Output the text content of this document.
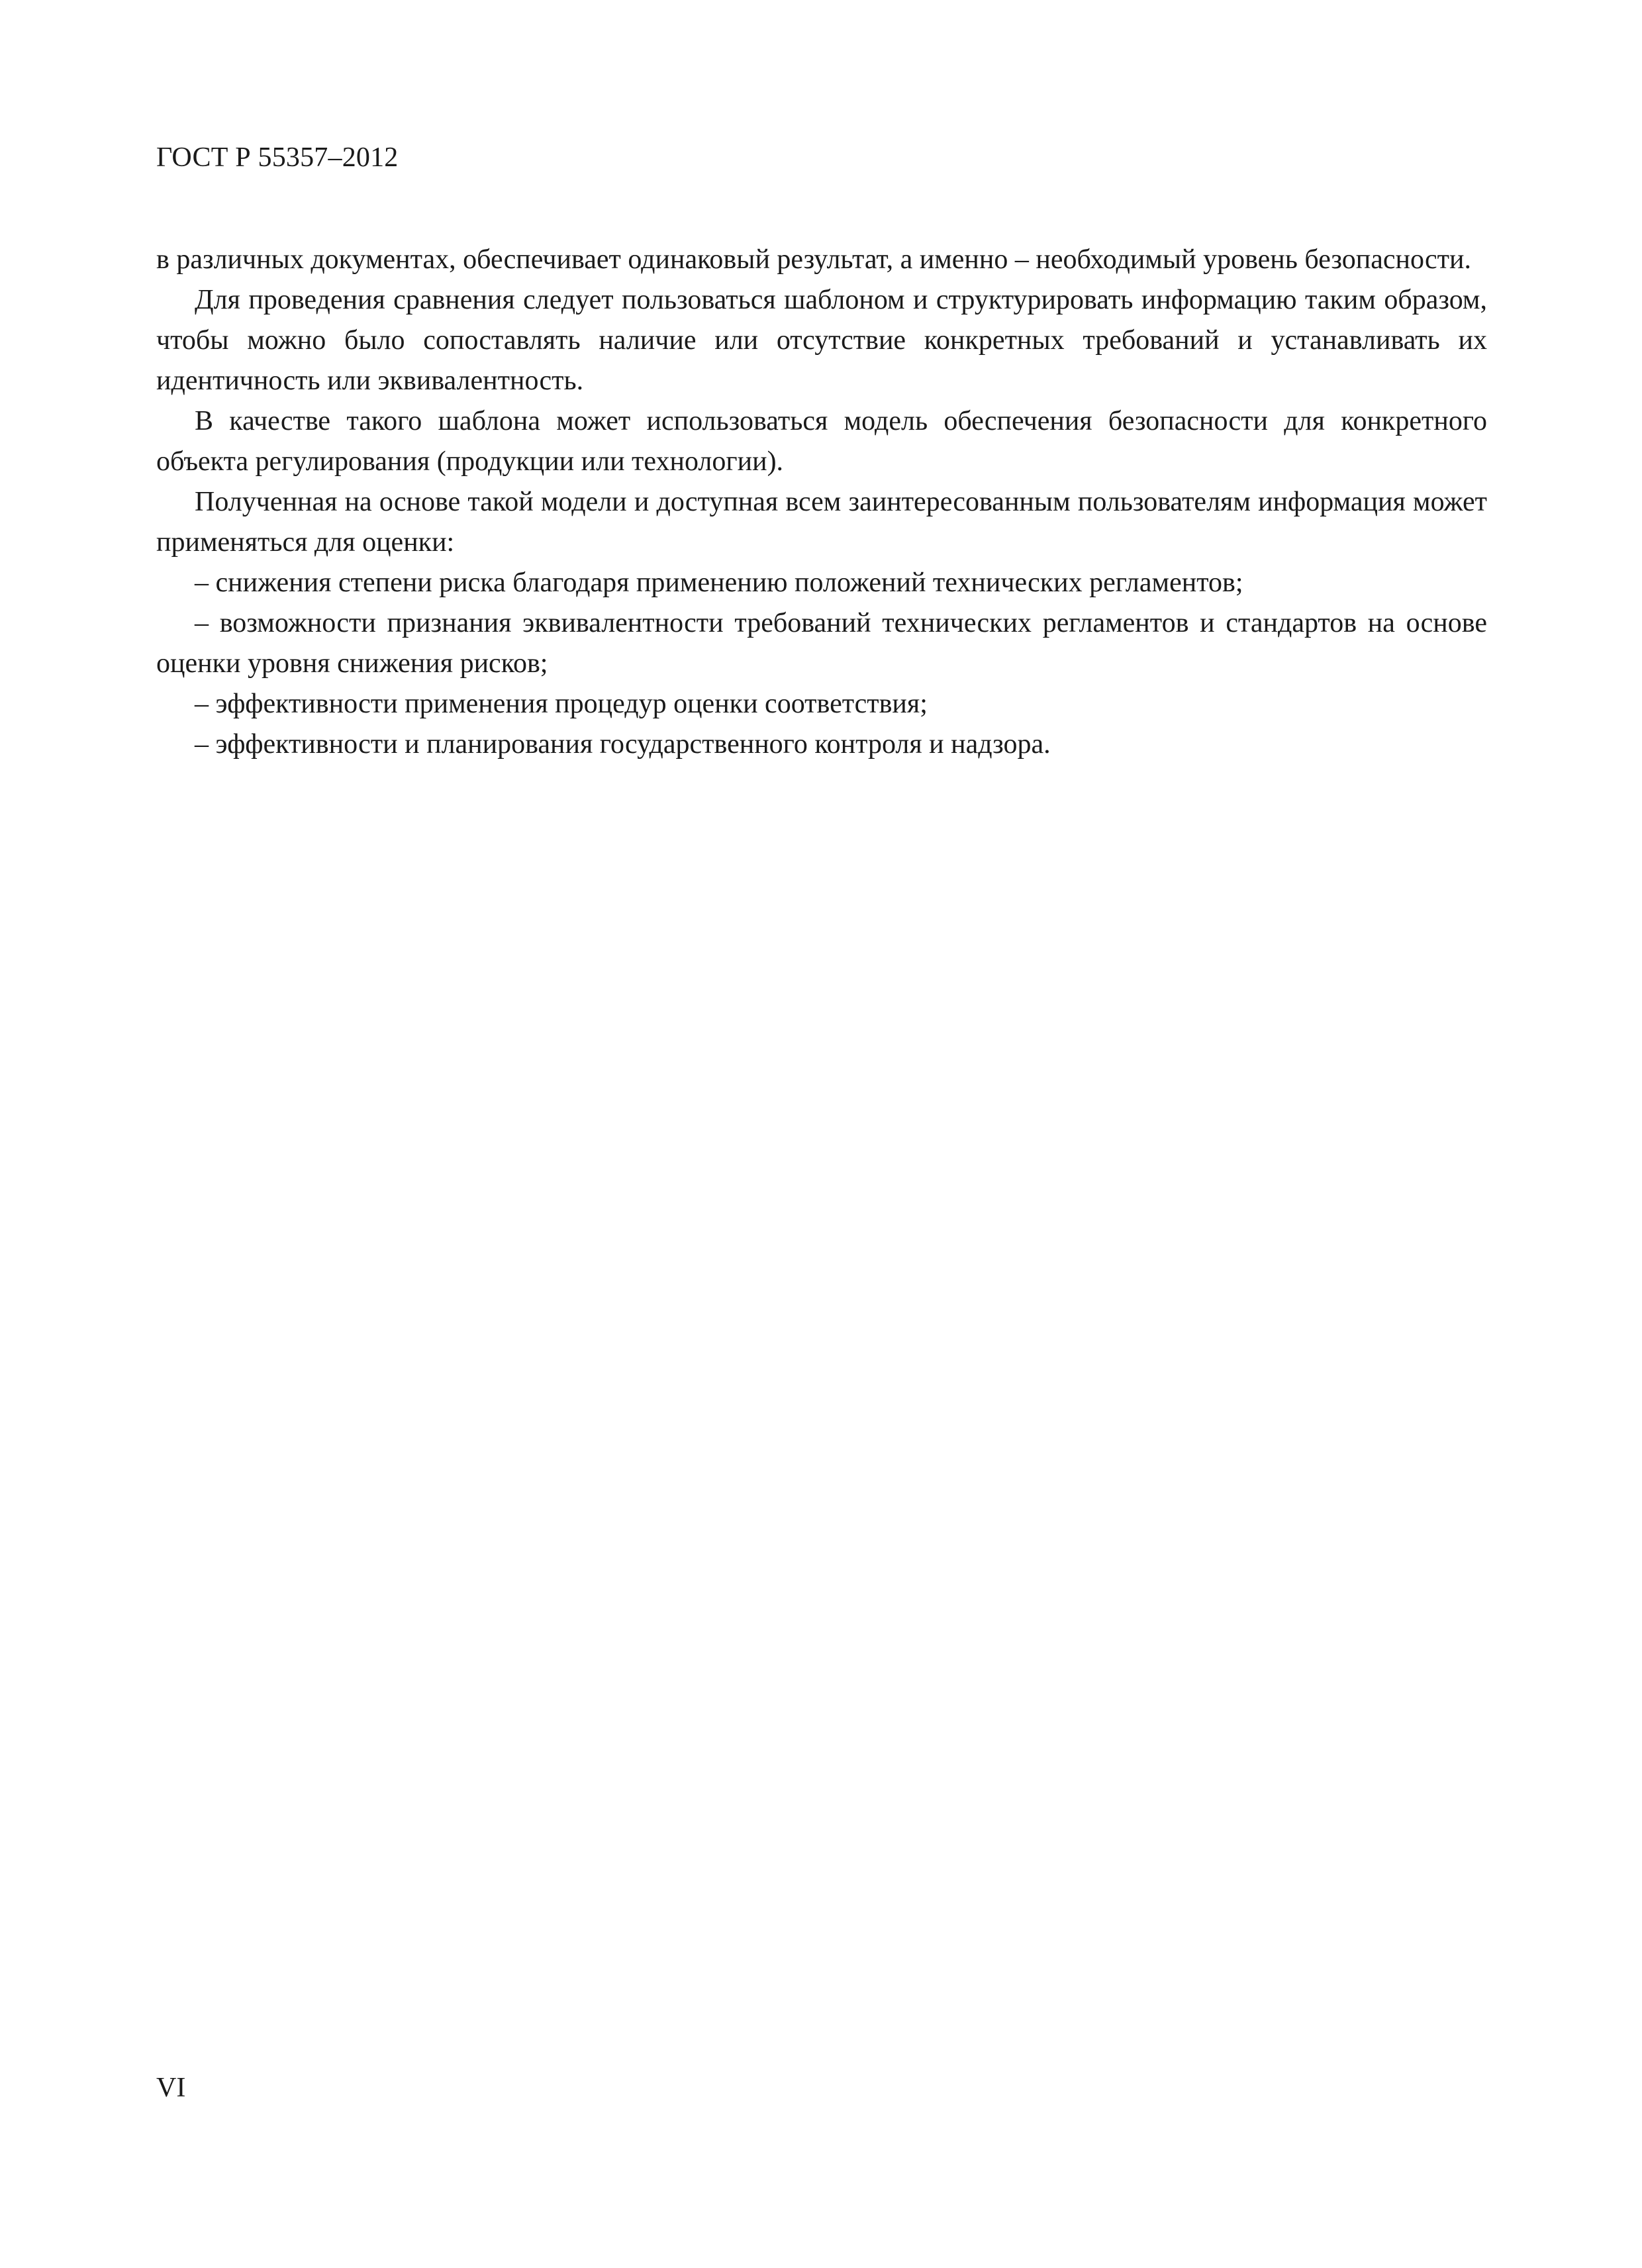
ГОСТ Р 55357–2012

в различных документах, обеспечивает одинаковый результат, а именно – необходимый уровень безопасности.

Для проведения сравнения следует пользоваться шаблоном и структурировать информацию таким образом, чтобы можно было сопоставлять наличие или отсутствие конкретных требований и устанавливать их идентичность или эквивалентность.

В качестве такого шаблона может использоваться модель обеспечения безопасности для конкретного объекта регулирования (продукции или технологии).

Полученная на основе такой модели и доступная всем заинтересованным пользователям информация может применяться для оценки:

– снижения степени риска благодаря применению положений технических регламентов;

– возможности признания эквивалентности требований технических регламентов и стандартов на основе оценки уровня снижения рисков;

– эффективности применения процедур оценки соответствия;

– эффективности и планирования государственного контроля и надзора.

VI
